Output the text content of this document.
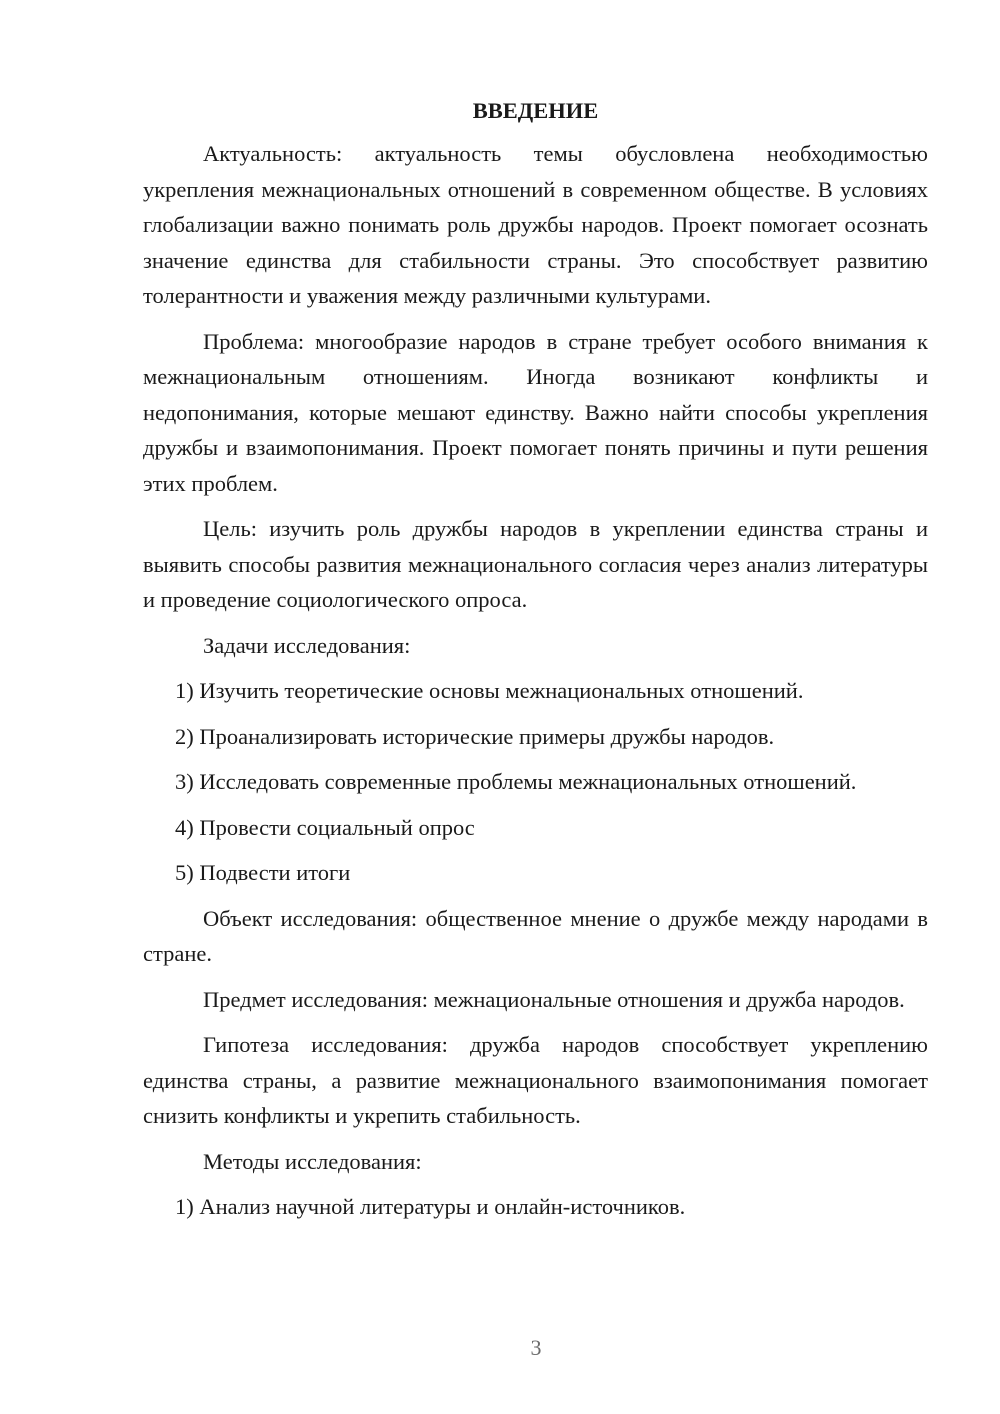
ВВЕДЕНИЕ

Актуальность: актуальность темы обусловлена необходимостью укрепления межнациональных отношений в современном обществе. В условиях глобализации важно понимать роль дружбы народов. Проект помогает осознать значение единства для стабильности страны. Это способствует развитию толерантности и уважения между различными культурами.

Проблема: многообразие народов в стране требует особого внимания к межнациональным отношениям. Иногда возникают конфликты и недопонимания, которые мешают единству. Важно найти способы укрепления дружбы и взаимопонимания. Проект помогает понять причины и пути решения этих проблем.

Цель: изучить роль дружбы народов в укреплении единства страны и выявить способы развития межнационального согласия через анализ литературы и проведение социологического опроса.

Задачи исследования:

1) Изучить теоретические основы межнациональных отношений.

2) Проанализировать исторические примеры дружбы народов.

3) Исследовать современные проблемы межнациональных отношений.

4) Провести социальный опрос

5) Подвести итоги

Объект исследования: общественное мнение о дружбе между народами в стране.

Предмет исследования: межнациональные отношения и дружба народов.

Гипотеза исследования: дружба народов способствует укреплению единства страны, а развитие межнационального взаимопонимания помогает снизить конфликты и укрепить стабильность.

Методы исследования:

1) Анализ научной литературы и онлайн-источников.

3
